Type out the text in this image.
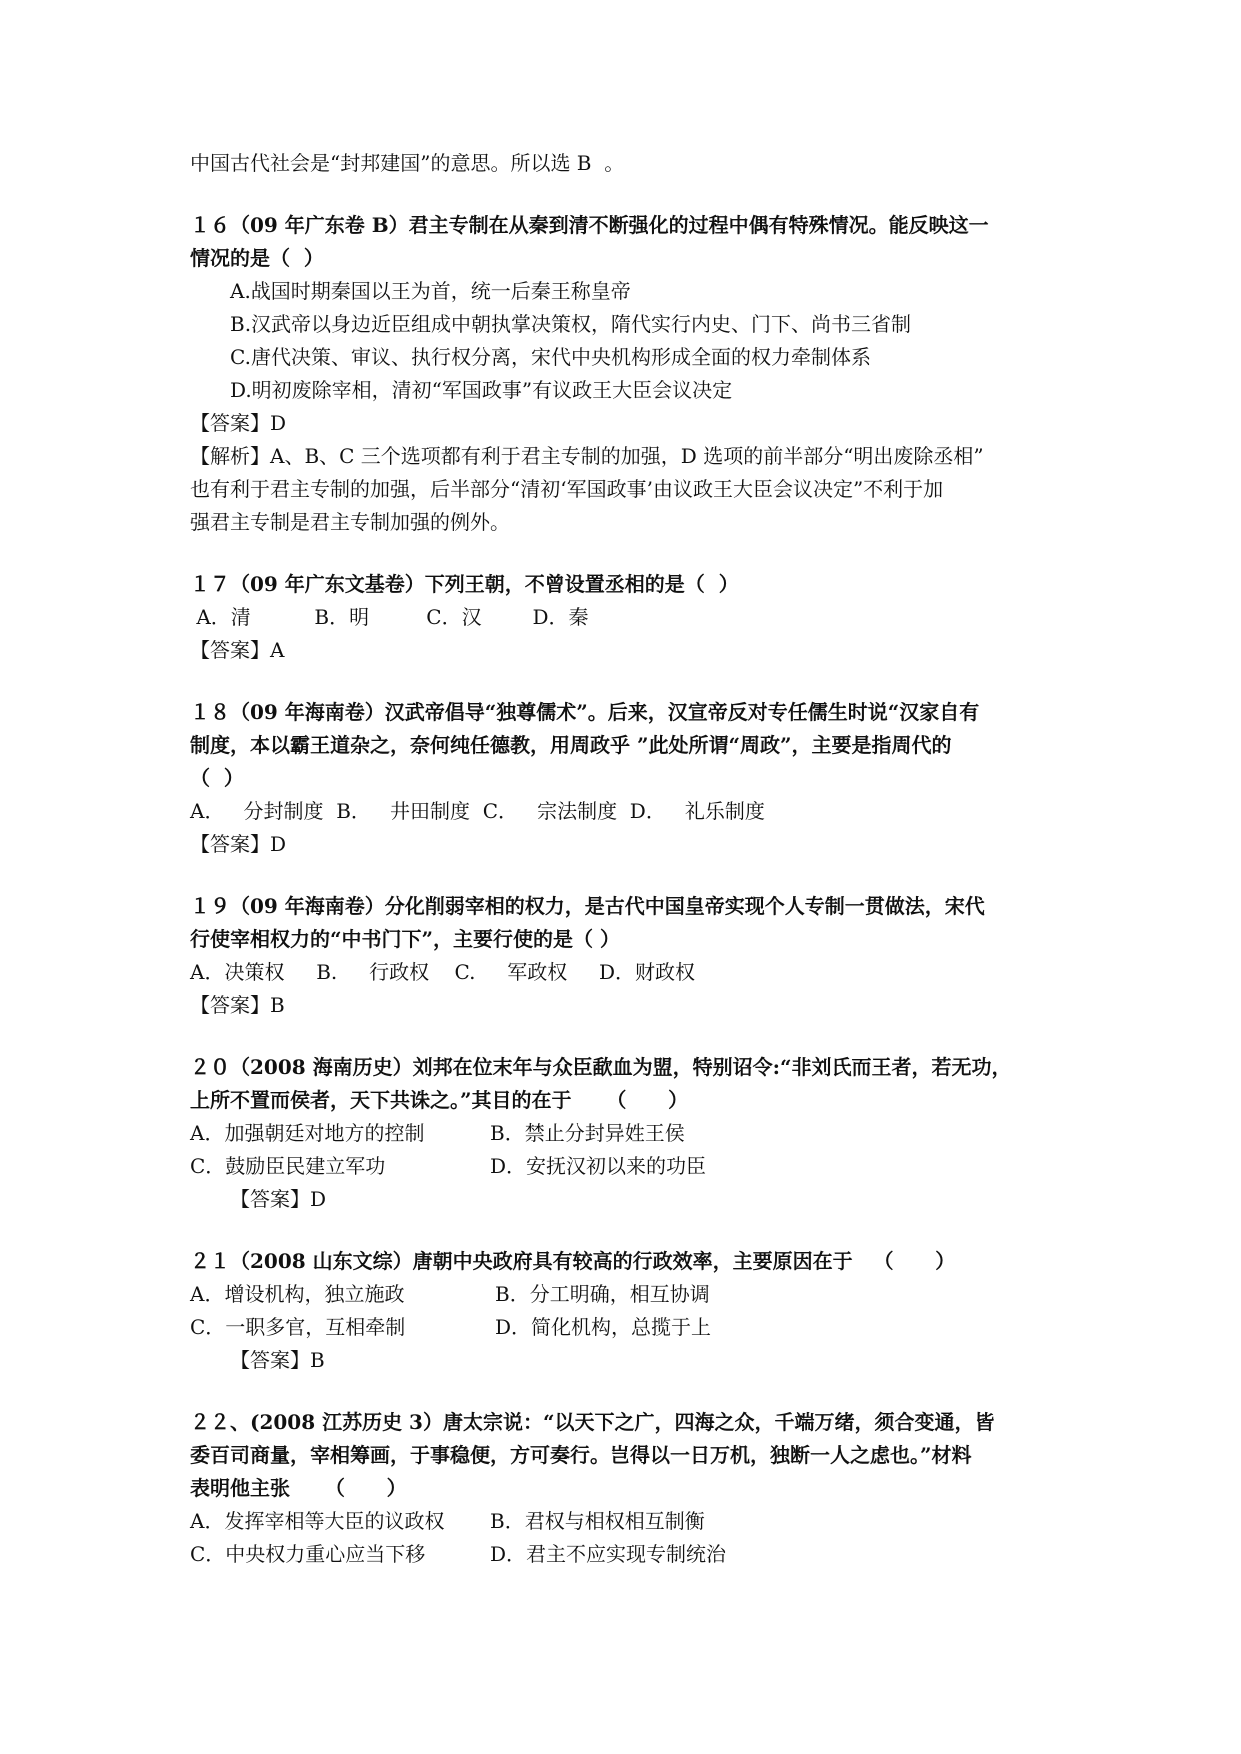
中国古代社会是“封邦建国”的意思。所以选 B  。
１６（09 年广东卷 B）君主专制在从秦到清不断强化的过程中偶有特殊情况。能反映这一
情况的是（  ）
A.战国时期秦国以王为首，统一后秦王称皇帝
B.汉武帝以身边近臣组成中朝执掌决策权，隋代实行内史、门下、尚书三省制
C.唐代决策、审议、执行权分离，宋代中央机构形成全面的权力牵制体系
D.明初废除宰相，清初“军国政事”有议政王大臣会议决定
【答案】D
【解析】A、B、C 三个选项都有利于君主专制的加强，D 选项的前半部分“明出废除丞相”
也有利于君主专制的加强，后半部分“清初‘军国政事’由议政王大臣会议决定”不利于加
强君主专制是君主专制加强的例外。
１７（09 年广东文基卷）下列王朝，不曾设置丞相的是（  ）
A．清          B．明         C．汉        D．秦
【答案】A
１８（09 年海南卷）汉武帝倡导“独尊儒术”。后来，汉宣帝反对专任儒生时说“汉家自有
制度，本以霸王道杂之，奈何纯任德教，用周政乎 ”此处所谓“周政”，主要是指周代的
（  ）
A．   分封制度  B．   井田制度  C．   宗法制度  D．   礼乐制度
【答案】D
１９（09 年海南卷）分化削弱宰相的权力，是古代中国皇帝实现个人专制一贯做法，宋代
行使宰相权力的“中书门下”，主要行使的是（ ）
A．决策权     B.     行政权    C.     军政权     D．财政权
【答案】B
２０（2008 海南历史）刘邦在位末年与众臣歃血为盟，特别诏令:“非刘氏而王者，若无功，
上所不置而侯者，天下共诛之。”其目的在于     （      ）
A．加强朝廷对地方的控制	B．禁止分封异姓王侯
C．鼓励臣民建立军功	D．安抚汉初以来的功臣
【答案】D
２１（2008 山东文综）唐朝中央政府具有较高的行政效率，主要原因在于   （      ）
A．增设机构，独立施政	B．分工明确，相互协调
C．一职多官，互相牵制	D．简化机构，总揽于上
【答案】B
２２、(2008 江苏历史 3）唐太宗说：“以天下之广，四海之众，千端万绪，须合变通，皆
委百司商量，宰相筹画，于事稳便，方可奏行。岂得以一日万机，独断一人之虑也。”材料
表明他主张     （      ）
A．发挥宰相等大臣的议政权	B．君权与相权相互制衡
C．中央权力重心应当下移	D．君主不应实现专制统治
